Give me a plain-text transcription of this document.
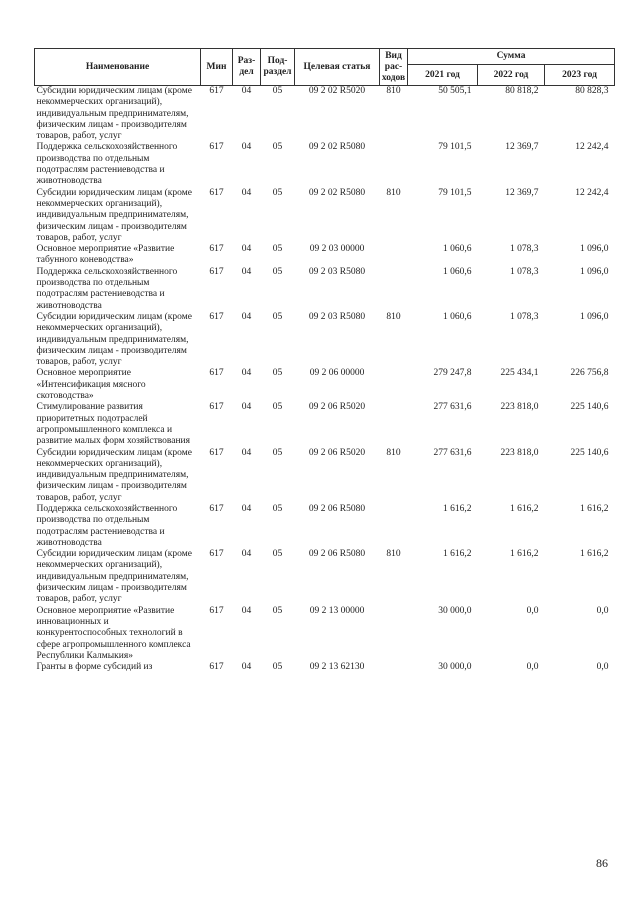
Наименование	Мин	Раз-дел	Под-раздел	Целевая статья	Вид рас-ходов	Сумма		
						2021 год	2022 год	2023 год
Субсидии юридическим лицам (кроме некоммерческих организаций), индивидуальным предпринимателям, физическим лицам - производителям товаров, работ, услуг	617	04	05	09 2 02 R5020	810	50 505,1	80 818,2	80 828,3
Поддержка сельскохозяйственного производства по отдельным подотраслям растениеводства и животноводства	617	04	05	09 2 02 R5080		79 101,5	12 369,7	12 242,4
Субсидии юридическим лицам (кроме некоммерческих организаций), индивидуальным предпринимателям, физическим лицам - производителям товаров, работ, услуг	617	04	05	09 2 02 R5080	810	79 101,5	12 369,7	12 242,4
Основное мероприятие «Развитие табунного коневодства»	617	04	05	09 2 03 00000		1 060,6	1 078,3	1 096,0
Поддержка сельскохозяйственного производства по отдельным подотраслям растениеводства и животноводства	617	04	05	09 2 03 R5080		1 060,6	1 078,3	1 096,0
Субсидии юридическим лицам (кроме некоммерческих организаций), индивидуальным предпринимателям, физическим лицам - производителям товаров, работ, услуг	617	04	05	09 2 03 R5080	810	1 060,6	1 078,3	1 096,0
Основное мероприятие «Интенсификация мясного скотоводства»	617	04	05	09 2 06 00000		279 247,8	225 434,1	226 756,8
Стимулирование развития приоритетных подотраслей агропромышленного комплекса и развитие малых форм хозяйствования	617	04	05	09 2 06 R5020		277 631,6	223 818,0	225 140,6
Субсидии юридическим лицам (кроме некоммерческих организаций), индивидуальным предпринимателям, физическим лицам - производителям товаров, работ, услуг	617	04	05	09 2 06 R5020	810	277 631,6	223 818,0	225 140,6
Поддержка сельскохозяйственного производства по отдельным подотраслям растениеводства и животноводства	617	04	05	09 2 06 R5080		1 616,2	1 616,2	1 616,2
Субсидии юридическим лицам (кроме некоммерческих организаций), индивидуальным предпринимателям, физическим лицам - производителям товаров, работ, услуг	617	04	05	09 2 06 R5080	810	1 616,2	1 616,2	1 616,2
Основное мероприятие «Развитие инновационных и конкурентоспособных технологий в сфере агропромышленного комплекса Республики Калмыкия»	617	04	05	09 2 13 00000		30 000,0	0,0	0,0
Гранты в форме субсидий из	617	04	05	09 2 13 62130		30 000,0	0,0	0,0
86
